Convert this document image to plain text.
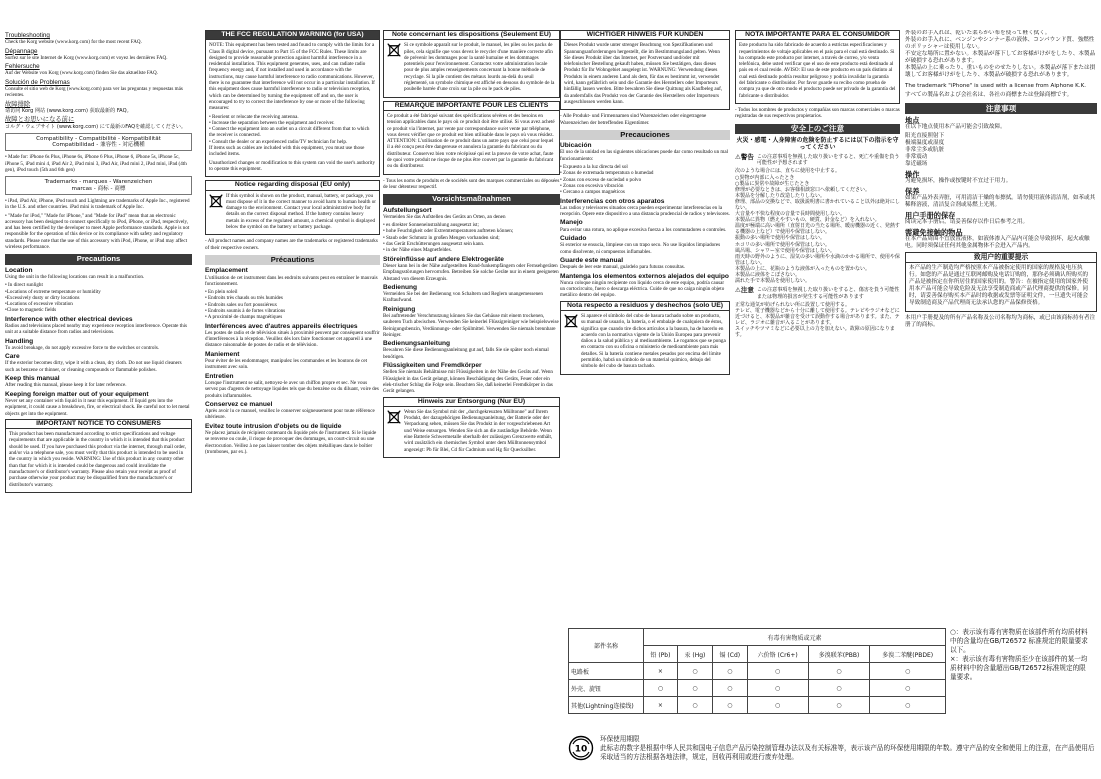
Troubleshooting

Check the Korg website (www.korg.com) for the most recent FAQ.

Dépannage

Surfez sur le site Internet de Korg (www.korg.com) et voyez les dernières FAQ.

Fehlersuche

Auf der Website von Korg (www.korg.com) finden Sie das aktuellste FAQ.

Solución de Problemas

Consulte el sitio web de Korg (www.korg.com) para ver las preguntas y respuestas más recientes.

故障排除

请访问 Korg 网站 (www.korg.com) 获取最新的 FAQ。

故障とお思いになる前に

コルグ・ウェブサイト (www.korg.com) にて最新のFAQを確認してください。

Compatibility - Compatibilité - Kompatibilität
Compatibilidad - 兼容性 - 対応機種

• Made for: iPhone 6s Plus, iPhone 6s, iPhone 6 Plus, iPhone 6, iPhone 5s, iPhone 5c, iPhone 5, iPad mini 4, iPad Air 2, iPad mini 3, iPad Air, iPad mini 2, iPad mini, iPad (4th gen), iPod touch (5th and 6th gen)

Trademarks - marques - Warenzeichen
marcas - 商标 - 商標

• iPad, iPad Air, iPhone, iPod touch and Lightning are trademarks of Apple Inc., registered in the U.S. and other countries. iPad mini is trademark of Apple Inc.

• "Made for iPod," "Made for iPhone," and "Made for iPad" mean that an electronic accessory has been designed to connect specifically to iPod, iPhone, or iPad, respectively, and has been certified by the developer to meet Apple performance standards. Apple is not responsible for the operation of this device or its compliance with safety and regulatory standards. Please note that the use of this accessory with iPod, iPhone, or iPad may affect wireless performance.

Precautions
Location

Using the unit in the following locations can result in a malfunction.

• In direct sunlight
•Locations of extreme temperature or humidity
•Excessively dusty or dirty locations
•Locations of excessive vibration
•Close to magnetic fields
Interference with other electrical devices

Radios and televisions placed nearby may experience reception interference. Operate this unit at a suitable distance from radios and televisions.

Handling

To avoid breakage, do not apply excessive force to the switches or controls.

Care

If the exterior becomes dirty, wipe it with a clean, dry cloth. Do not use liquid cleaners such as benzene or thinner, or cleaning compounds or flammable polishes.

Keep this manual

After reading this manual, please keep it for later reference.

Keeping foreign matter out of your equipment

Never set any container with liquid in it near this equipment. If liquid gets into the equipment, it could cause a breakdown, fire, or electrical shock. Be careful not to let metal objects get into the equipment.

IMPORTANT NOTICE TO CONSUMERS

This product has been manufactured according to strict specifications and voltage requirements that are applicable in the country in which it is intended that this product should be used. If you have purchased this product via the internet, through mail order, and/or via a telephone sale, you must verify that this product is intended to be used in the country in which you reside. WARNING: Use of this product in any country other than that for which it is intended could be dangerous and could invalidate the manufacturer's or distributor's warranty. Please also retain your receipt as proof of purchase otherwise your product may be disqualified from the manufacturer's or distributor's warranty.

THE FCC REGULATION WARNING (for USA)

NOTE: This equipment has been tested and found to comply with the limits for a Class B digital device, pursuant to Part 15 of the FCC Rules. These limits are designed to provide reasonable protection against harmful interference in a residential installation. This equipment generates, uses, and can radiate radio frequency energy and, if not installed and used in accordance with the instructions, may cause harmful interference to radio communications. However, there is no guarantee that interference will not occur in a particular installation. If this equipment does cause harmful interference to radio or television reception, which can be determined by turning the equipment off and on, the user is encouraged to try to correct the interference by one or more of the following measures:

• Reorient or relocate the receiving antenna.
• Increase the separation between the equipment and receiver.
• Connect the equipment into an outlet on a circuit different from that to which the receiver is connected.
• Consult the dealer or an experienced radio/TV technician for help.

If items such as cables are included with this equipment, you must use those included items.

Unauthorized changes or modification to this system can void the user's authority to operate this equipment.

Notice regarding disposal (EU only)

If this symbol is shown on the product, manual, battery, or package, you must dispose of it in the correct manner to avoid harm to human health or damage to the environment. Contact your local administrative body for details on the correct disposal method. If the battery contains heavy metals in excess of the regulated amount, a chemical symbol is displayed below the symbol on the battery or battery package.

- All product names and company names are the trademarks or registered trademarks of their respective owners.

Précautions
Emplacement

L'utilisation de cet instrument dans les endroits suivants peut en entraîner le mauvais fonctionnement.

• En plein soleil
• Endroits très chauds ou très humides
• Endroits sales ou fort poussiéreux
• Endroits soumis à de fortes vibrations
• A proximité de champs magnétiques
Interférences avec d'autres appareils électriques

Les postes de radio et de télévision situés à proximité peuvent par conséquent souffrir d'interférences à la réception. Veuillez dès lors faire fonctionner cet appareil à une distance raisonnable de postes de radio et de télévision.

Maniement

Pour éviter de les endommager, manipulez les commandes et les boutons de cet instrument avec soin.

Entretien

Lorsque l'instrument se salit, nettoyez-le avec un chiffon propre et sec. Ne vous servez pas d'agents de nettoyage liquides tels que du benzène ou du diluant, voire des produits inflammables.

Conservez ce manuel

Après avoir lu ce manuel, veuillez le conserver soigneusement pour toute référence ultérieure.

Evitez toute intrusion d'objets ou de liquide

Ne placez jamais de récipient contenant du liquide près de l'instrument. Si le liquide se renverse ou coule, il risque de provoquer des dommages, un court-circuit ou une électrocution. Veillez à ne pas laisser tomber des objets métalliques dans le boîtier (trombones, par ex.).

Note concernant les dispositions (Seulement EU)

Si ce symbole apparaît sur le produit, le manuel, les piles ou les packs de piles, cela signifie que vous devez le recycler d'une manière correcte afin de prévenir les dommages pour la santé humaine et les dommages potentiels pour l'environnement. Contactez votre administration locale pour de plus amples renseignements concernant la bonne méthode de recyclage. Si la pile contient des métaux lourds au-delà du seuil réglementé, un symbole chimique est affiché en dessous du symbole de la poubelle barrée d'une croix sur la pile ou le pack de piles.

REMARQUE IMPORTANTE POUR LES CLIENTS

Ce produit a été fabriqué suivant des spécifications sévères et des besoins en tension applicables dans le pays où ce produit doit être utilisé. Si vous avez acheté ce produit via l'internet, par vente par correspondance ou/et vente par téléphone, vous devez vérifier que ce produit est bien utilisable dans le pays où vous résidez. ATTENTION: L'utilisation de ce produit dans un autre pays que celui pour lequel il a été conçu peut être dangereuse et annulera la garantie du fabricant ou du distributeur. Conservez bien votre récépissé qui est la preuve de votre achat, faute de quoi votre produit ne risque de ne plus être couvert par la garantie du fabricant ou du distributeur.

- Tous les noms de produits et de sociétés sont des marques commerciales ou déposées de leur détenteur respectif.

Vorsichtsmaßnahmen
Aufstellungsort

Vermeiden Sie das Aufstellen des Geräts an Orten, an denen

• es direkter Sonneneinstrahlung ausgesetzt ist;
• hohe Feuchtigkeit oder Extremtemperaturen auftreten können;
• Staub oder Schmutz in großen Mengen vorhanden sind;
• das Gerät Erschütterungen ausgesetzt sein kann.
• in der Nähe eines Magnetfeldes.
Störeinflüsse auf andere Elektrogeräte

Dieser kann bei in der Nähe aufgestellten Rund-funkempfängern oder Fernsehgeräten Empfangsstörungen hervorrufen. Betreiben Sie solche Geräte nur in einem geeigneten Abstand von diesem Erzeugnis.

Bedienung

Vermeiden Sie bei der Bedienung von Schaltern und Reglern unangemessenen Kraftaufwand.

Reinigung

Bei auftretender Verschmutzung können Sie das Gehäuse mit einem trockenen, sauberen Tuch abwischen. Verwenden Sie keinerlei Flüssigreiniger wie beispielsweise Reinigungsbenzin, Verdünnungs- oder Spülmittel. Verwenden Sie niemals brennbare Reiniger.

Bedienungsanleitung

Bewahren Sie diese Bedienungsanleitung gut auf, falls Sie sie später noch einmal benötigen.

Flüssigkeiten und Fremdkörper

Stellen Sie niemals Behältnisse mit Flüssigkeiten in der Nähe des Geräts auf. Wenn Flüssigkeit in das Gerät gelangt, können Beschädigung des Geräts, Feuer oder ein elek-trischer Schlag die Folge sein. Beachten Sie, daß keinerlei Fremdkörper in das Gerät gelangen.

Hinweis zur Entsorgung (Nur EU)

Wenn Sie das Symbol mit der „durchgekreuzten Mülltonne" auf Ihrem Produkt, der dazugehörigen Bedienungsanleitung, der Batterie oder der Verpackung sehen, müssen Sie das Produkt in der vorgeschriebenen Art und Weise entsorgen. Wenden Sie sich an die zuständige Behörde. Wenn eine Batterie Schwermetalle oberhalb der zulässigen Grenzwerte enthält, wird zusätzlich ein chemisches Symbol unter dem Mülltonnensymbol angezeigt: Pb für Blei, Cd für Cadmium und Hg für Quecksilber.

WICHTIGER HINWEIS FÜR KUNDEN

Dieses Produkt wurde unter strenger Beachtung von Spezifikationen und Spannungsanforderungen hergestellt, die im Bestimmungsland gelten. Wenn Sie dieses Produkt über das Internet, per Postversand und/oder mit telefonischer Bestellung gekauft haben, müssen Sie bestätigen, dass dieses Produkt für Ihr Wohngebiet ausgelegt ist. WARNUNG: Verwendung dieses Produkts in einem anderen Land als dem, für das es bestimmt ist, verwendet wird, kann gefährlich sein und die Garantie des Herstellers oder Importeurs hinfällig lassen werden. Bitte bewahren Sie diese Quittung als Kaufbeleg auf, da andernfalls das Produkt von der Garantie des Herstellers oder Importeurs ausgeschlossen werden kann.

- Alle Produkt- und Firmennamen sind Warenzeichen oder eingetragene Warenzeichen der betreffenden Eigentümer.

Precauciones
Ubicación

El uso de la unidad en las siguientes ubicaciones puede dar como resultado un mal funcionamiento:

• Expuesto a la luz directa del sol
• Zonas de extremada temperatura o humedad
• Zonas con exceso de suciedad o polvo
• Zonas con excesiva vibración
• Cercano a campos magnéticos
Interferencias con otros aparatos

Las radios y televisores situados cerca pueden experimentar interferencias en la recepción. Opere este dispositivo a una distancia prudencial de radios y televisores.

Manejo

Para evitar una rotura, no aplique excesiva fuerza a los conmutadores o controles.

Cuidado

Si exterior se ensucia, límpiese con un trapo seco. No use líquidos limpiadores como disolvente, ni compuestos inflamables.

Guarde este manual

Después de leer este manual, guárdelo para futuras consultas.

Mantenga los elementos externos alejados del equipo

Nunca coloque ningún recipiente con líquido cerca de este equipo, podría causar un cortocircuito, fuero o descarga eléctrica. Cuide de que no caiga ningún objeto metálico dentro del equipo.

Nota respecto a residuos y deshechos (solo UE)

Si aparece el símbolo del cubo de basura tachado sobre un producto, su manual de usuario, la batería, o el embalaje de cualquiera de éstos, significa que cuando tire dichos artículos a la basura, ha de hacerlo en acuerdo con la normativa vigente de la Unión Europea para prevenir daños a la salud pública y al medioambiente. Le rogamos que se ponga en contacto con su oficina o ministerio de medioambiente para más detalles. Si la batería contiene metales pesados por encima del límite permitido, habrá un símbolo de un material químico, debajo del símbolo del cubo de basura tachado.

NOTA IMPORTANTE PARA EL CONSUMIDOR

Este producto ha sido fabricado de acuerdo a estrictas especificaciones y requerimientos de voltaje aplicables en el país para el cual está destinado. Si ha comprado este producto por internet, a través de correo, y/o venta telefónica, debe usted verificar que el uso de este producto está destinado al país en el cual reside. AVISO: El uso de este producto en un país distinto al cual está destinado podría resultar peligroso y podría invalidar la garantía del fabricante o distribuidor. Por favor guarde su recibo como prueba de compra ya que de otro modo el producto puede ser privado de la garantía del fabricante o distribuidor.

- Todos los nombres de productos y compañías son marcas comerciales o marcas registradas de sus respectivos propietarios.

安全上のご注意
火災・感電・人身障害の危険を防止するには以下の指示を守ってください
⚠警告 この注意事項を無視した取り扱いをすると、死亡や重傷を負う可能性が予想されます

次のような場合には、直ちに使用を中止する。
○異物が内部に入ったとき
○製品に異常や故障が生じたとき
修理が必要なときは、お客様相談窓口へ依頼してください。
本製品を分解したり改造したりしない。
修理、部品の交換などで、取扱説明書に書かれていること以外は絶対にしない。
大音量や不快な程度の音量で長時間使用しない。
本製品に異物（燃えやすいもの、硬貨、針金など）を入れない。
温度が極端に高い場所（直射日光の当たる場所、暖房機器の近く、発熱する機器の上など）で使用や保管はしない。
振動の多い場所で使用や保管はしない。
ホコリの多い場所で使用や保管はしない。
風呂場、シャワー室で使用や保管はしない。
雨天時の野外のように、湿気の多い場所や水滴のかかる場所で、使用や保管はしない。
本製品の上に、花瓶のような液体が入ったものを置かない。
本製品に液体をこぼさない。
濡れた手で本製品を使用しない。
⚠注意 この注意事項を無視した取り扱いをすると、傷害を負う可能性または物理的損害が発生する可能性があります

正常な通気が妨げられない所に設置して使用する。
テレビ、電子機器などから十分に離して使用する。テレビやラジオなどに近づけると、本製品が雑音を受けて誤動作する場合があります。また、テレビ、ラジオに雑音が入ることがあります。
スイッチやツマミなどに必要以上の力を加えない。故障の原因になります。
外装のお手入れは、乾いた柔らかい布を使って軽く拭く。
外装のお手入れに、ベンジンやシンナー系の液体、コンパウンド質、強燃性のポリッシャーは使用しない。
不安定な場所に置かない。本製品が落下してお客様がけがをしたり、本製品が破損する恐れがあります。
本製品の上に乗ったり、重いものをのせたりしない。本製品が落下または損壊してお客様がけがをしたり、本製品が破損する恐れがあります。

The trademark "iPhone" is used with a license from Aiphone K.K.

すべての製品名および会社名は、各社の商標または登録商標です。

注意事项
地点

在以下地点使用本产品可能会引致故障。

阳光直接照射下
极端温度或湿度
非常尘多或肮脏
非常震动
靠近磁场
操作

为避免损坏，操作或按键时不宜过于用力。

保养

如果产品外表弄脏，可用清洁干燥的布擦拭。请勿使用液体清洁剂，如苯或其稀释溶液，清洁复合剂或易燃上光剂。

用户手册的保存

阅读完本手册后，请妥善保存以作日后参考之用。

需避免接触的物品

在本产品周围不宜放置液体，如液体渗入产品内可能会导致损坏，起火或触电。同时须保证任何其他金属物体不会进入产品内。

致用户的重要提示

本产品的生产制造均严格按照本产品被指定使用的国家的规格及电压执行。如您的产品是通过互联网邮购及电话订购的，那你必须确认所购买的产品是被指定在你所居住的国家使用的。警告：在被指定使用的国家外使用本产品可能会导致危险及无法享受制造商或产品代理商提供的保修。同时，请妥善保存购买本产品时的收据或发票等证明文件，一旦遗失可能会导致制造商及产品代理商无法承认您的产品保修资格。

本用户手册提及的所有产品名称及公司名称均为商标，或已由该商标持有者注册了的商标。

部件名称	有毒有害物质或元素					
	铅 (Pb)	汞 (Hg)	镉 (Cd)	六价铬 (Cr6+)	多溴联苯(PBB)	多溴二苯醚(PBDE)
电路板	×	○	○	○	○	○
外壳、旋钮	○	○	○	○	○	○
其他(Lightning连接线)	×	○	○	○	○	○
○：表示该有毒有害物质在该部件所有均质材料中的含量均在GB/T26572 标准规定的限量要求以下。
×：表示该有毒有害物质至少在该部件的某一均质材料中的含量超出GB/T26572标准规定的限量要求。
10
环保使用期限
此标志的数字是根据中华人民共和国电子信息产品污染控制管理办法以及有关标准等，表示该产品的环保使用期限的年数。遵守产品的安全和使用上的注意，在产品使用后采取适当的方法根据各地法律，规定，回收再利用或进行废弃处理。
